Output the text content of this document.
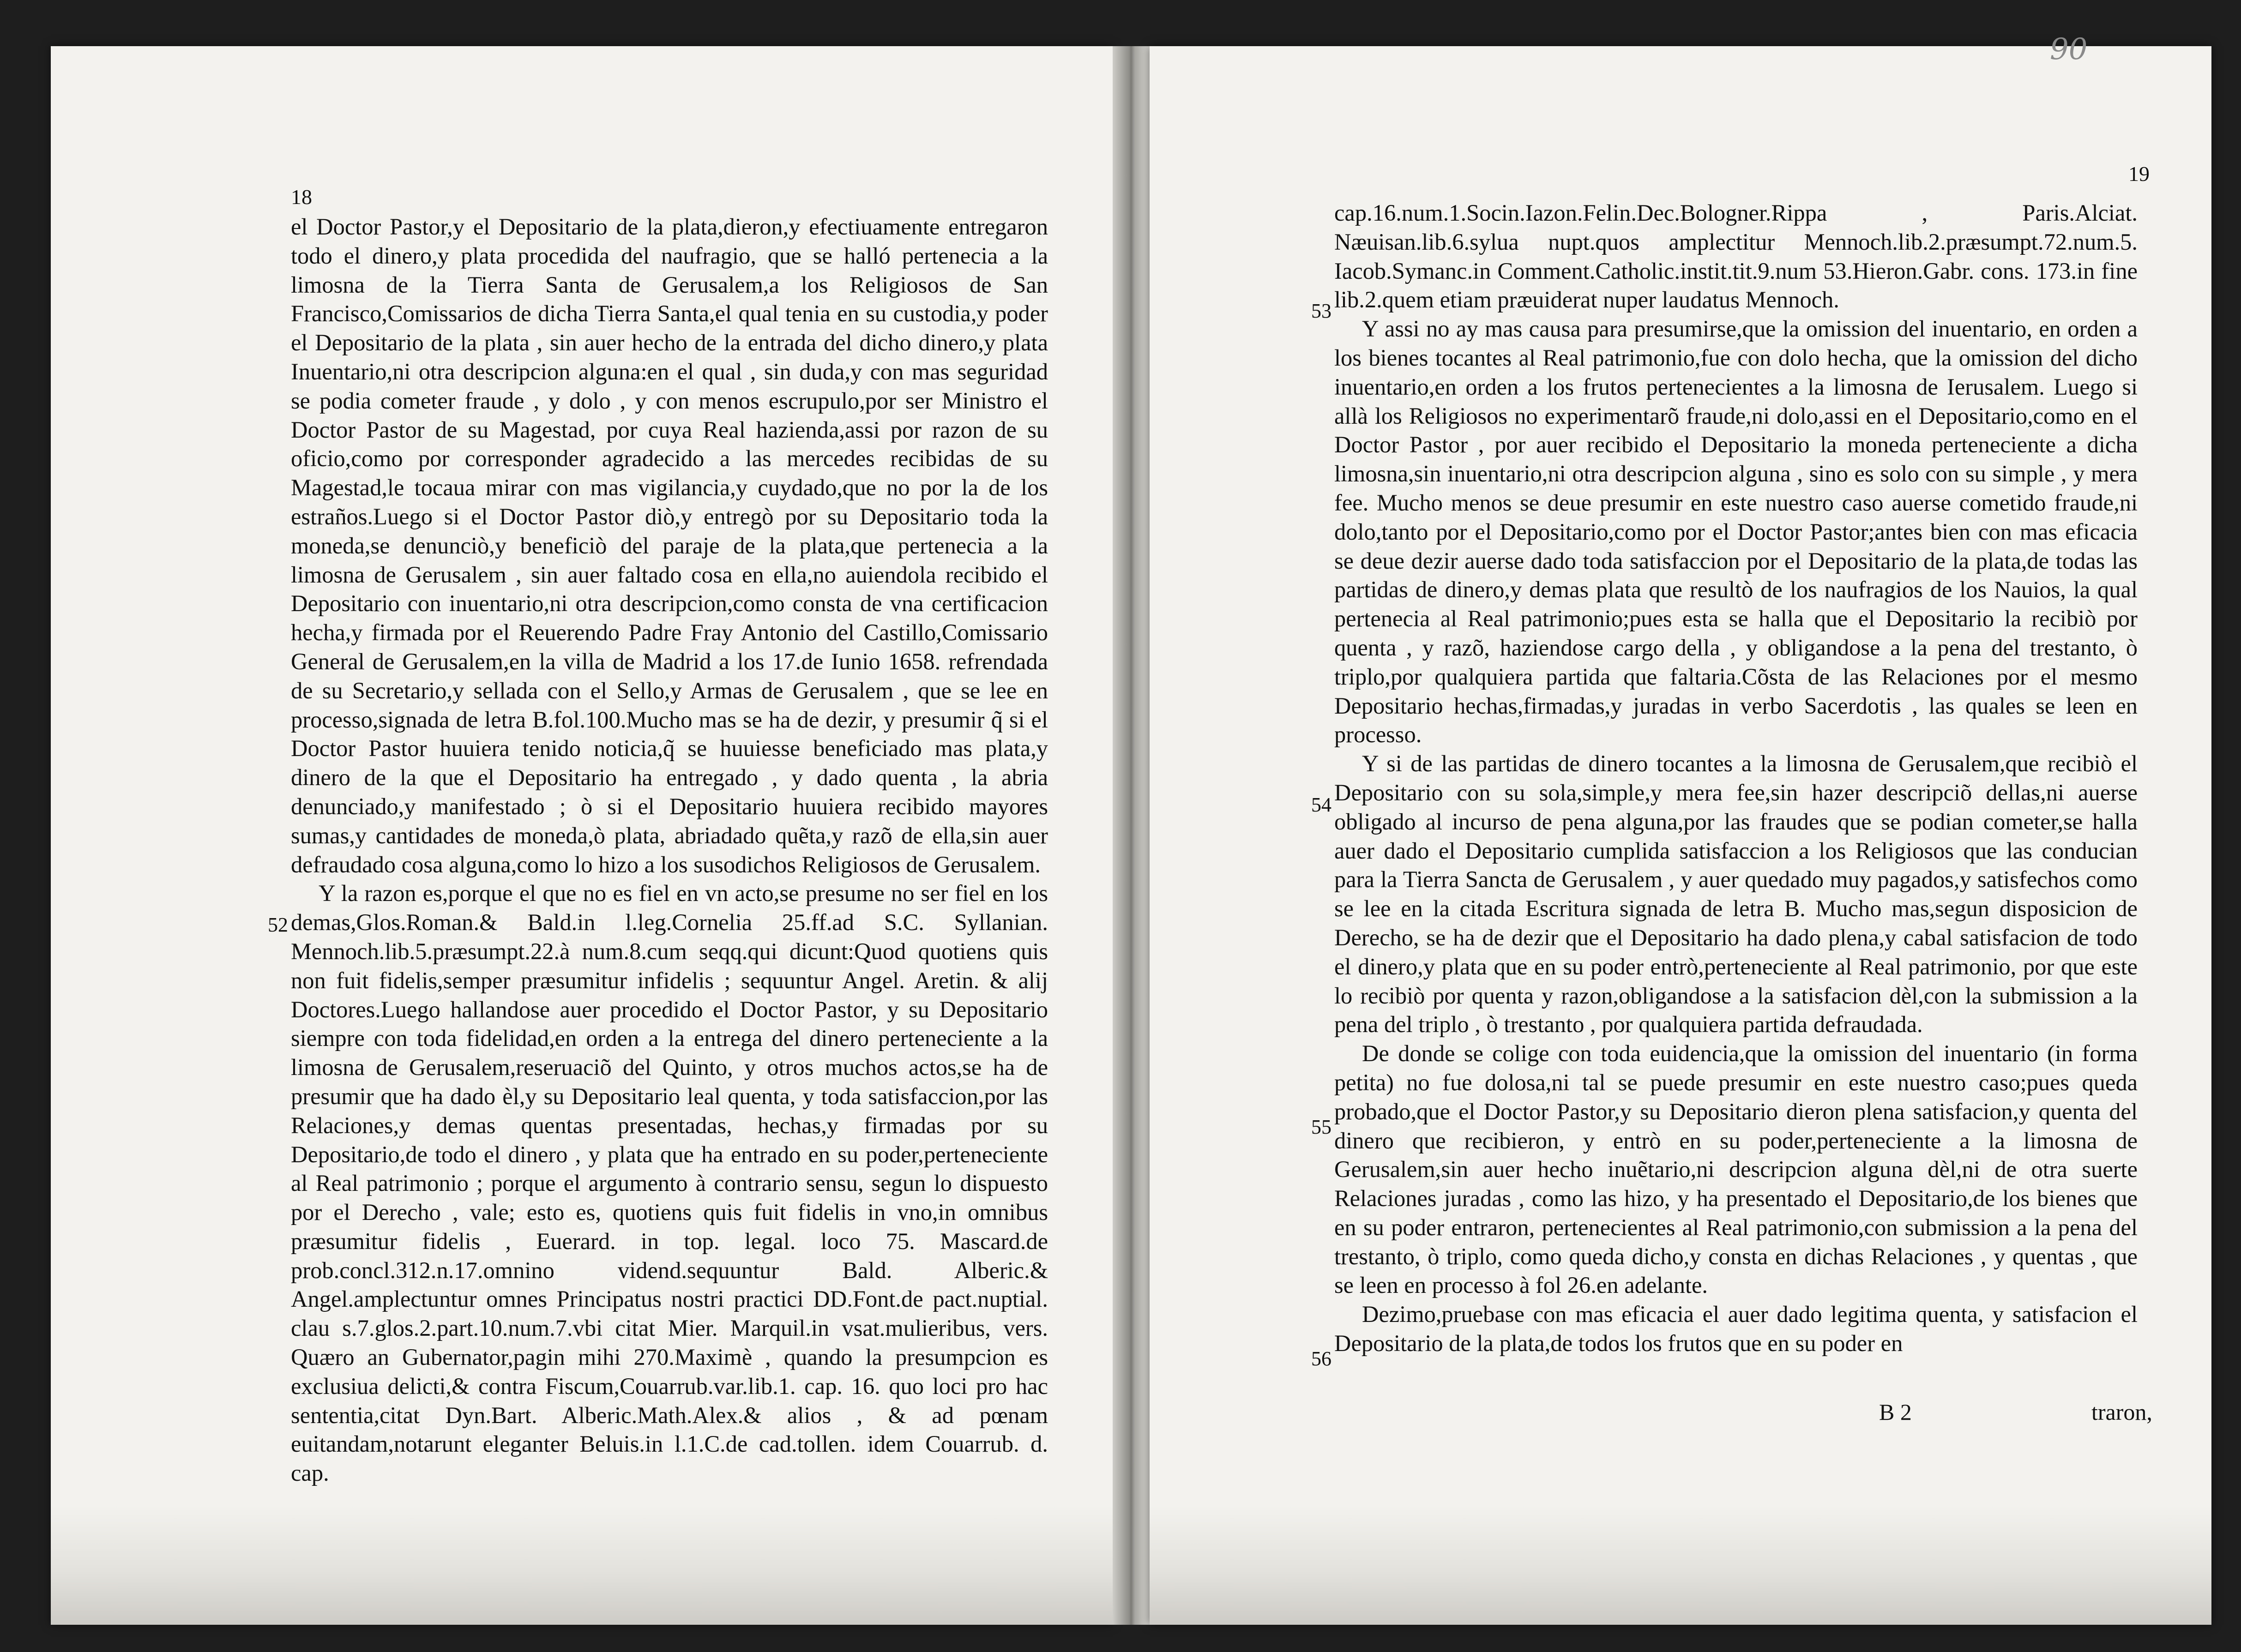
18
52

el Doctor Pastor,y el Depositario de la plata,dieron,y efectiuamente entregaron todo el dinero,y plata procedida del naufragio, que se halló pertenecia a la limosna de la Tierra Santa de Gerusalem,a los Religiosos de San Francisco,Comissarios de dicha Tierra Santa,el qual tenia en su custodia,y poder el Depositario de la plata , sin auer hecho de la entrada del dicho dinero,y plata Inuentario,ni otra descripcion alguna:en el qual , sin duda,y con mas seguridad se podia cometer fraude , y dolo , y con menos escrupulo,por ser Ministro el Doctor Pastor de su Magestad, por cuya Real hazienda,assi por razon de su oficio,como por corresponder agradecido a las mercedes recibidas de su Magestad,le tocaua mirar con mas vigilancia,y cuydado,que no por la de los estraños.Luego si el Doctor Pastor diò,y entregò por su Depositario toda la moneda,se denunciò,y beneficiò del paraje de la plata,que pertenecia a la limosna de Gerusalem , sin auer faltado cosa en ella,no auiendola recibido el Depositario con inuentario,ni otra descripcion,como consta de vna certificacion hecha,y firmada por el Reuerendo Padre Fray Antonio del Castillo,Comissario General de Gerusalem,en la villa de Madrid a los 17.de Iunio 1658. refrendada de su Secretario,y sellada con el Sello,y Armas de Gerusalem , que se lee en processo,signada de letra B.fol.100.Mucho mas se ha de dezir, y presumir q̃ si el Doctor Pastor huuiera tenido noticia,q̃ se huuiesse beneficiado mas plata,y dinero de la que el Depositario ha entregado , y dado quenta , la abria denunciado,y manifestado ; ò si el Depositario huuiera recibido mayores sumas,y cantidades de moneda,ò plata, abriadado quẽta,y razõ de ella,sin auer defraudado cosa alguna,como lo hizo a los susodichos Religiosos de Gerusalem.

Y la razon es,porque el que no es fiel en vn acto,se presume no ser fiel en los demas,Glos.Roman.& Bald.in l.leg.Cornelia 25.ff.ad S.C. Syllanian. Mennoch.lib.5.præsumpt.22.à num.8.cum seqq.qui dicunt:Quod quotiens quis non fuit fidelis,semper præsumitur infidelis ; sequuntur Angel. Aretin. & alij Doctores.Luego hallandose auer procedido el Doctor Pastor, y su Depositario siempre con toda fidelidad,en orden a la entrega del dinero perteneciente a la limosna de Gerusalem,reseruaciõ del Quinto, y otros muchos actos,se ha de presumir que ha dado èl,y su Depositario leal quenta, y toda satisfaccion,por las Relaciones,y demas quentas presentadas, hechas,y firmadas por su Depositario,de todo el dinero , y plata que ha entrado en su poder,perteneciente al Real patrimonio ; porque el argumento à contrario sensu, segun lo dispuesto por el Derecho , vale; esto es, quotiens quis fuit fidelis in vno,in omnibus præsumitur fidelis , Euerard. in top. legal. loco 75. Mascard.de prob.concl.312.n.17.omnino vidend.sequuntur Bald. Alberic.& Angel.amplectuntur omnes Principatus nostri practici DD.Font.de pact.nuptial. clau s.7.glos.2.part.10.num.7.vbi citat Mier. Marquil.in vsat.mulieribus, vers. Quæro an Gubernator,pagin mihi 270.Maximè , quando la presumpcion es exclusiua delicti,& contra Fiscum,Couarrub.var.lib.1. cap. 16. quo loci pro hac sententia,citat Dyn.Bart. Alberic.Math.Alex.& alios , & ad pœnam euitandam,notarunt eleganter Beluis.in l.1.C.de cad.tollen. idem Couarrub. d. cap.

19
53
54
55
56

cap.16.num.1.Socin.Iazon.Felin.Dec.Bologner.Rippa , Paris.Alciat. Næuisan.lib.6.sylua nupt.quos amplectitur Mennoch.lib.2.præsumpt.72.num.5. Iacob.Symanc.in Comment.Catholic.instit.tit.9.num 53.Hieron.Gabr. cons. 173.in fine lib.2.quem etiam præuiderat nuper laudatus Mennoch.

Y assi no ay mas causa para presumirse,que la omission del inuentario, en orden a los bienes tocantes al Real patrimonio,fue con dolo hecha, que la omission del dicho inuentario,en orden a los frutos pertenecientes a la limosna de Ierusalem. Luego si allà los Religiosos no experimentarõ fraude,ni dolo,assi en el Depositario,como en el Doctor Pastor , por auer recibido el Depositario la moneda perteneciente a dicha limosna,sin inuentario,ni otra descripcion alguna , sino es solo con su simple , y mera fee. Mucho menos se deue presumir en este nuestro caso auerse cometido fraude,ni dolo,tanto por el Depositario,como por el Doctor Pastor;antes bien con mas eficacia se deue dezir auerse dado toda satisfaccion por el Depositario de la plata,de todas las partidas de dinero,y demas plata que resultò de los naufragios de los Nauios, la qual pertenecia al Real patrimonio;pues esta se halla que el Depositario la recibiò por quenta , y razõ, haziendose cargo della , y obligandose a la pena del trestanto, ò triplo,por qualquiera partida que faltaria.Cõsta de las Relaciones por el mesmo Depositario hechas,firmadas,y juradas in verbo Sacerdotis , las quales se leen en processo.

Y si de las partidas de dinero tocantes a la limosna de Gerusalem,que recibiò el Depositario con su sola,simple,y mera fee,sin hazer descripciõ dellas,ni auerse obligado al incurso de pena alguna,por las fraudes que se podian cometer,se halla auer dado el Depositario cumplida satisfaccion a los Religiosos que las conducian para la Tierra Sancta de Gerusalem , y auer quedado muy pagados,y satisfechos como se lee en la citada Escritura signada de letra B. Mucho mas,segun disposicion de Derecho, se ha de dezir que el Depositario ha dado plena,y cabal satisfacion de todo el dinero,y plata que en su poder entrò,perteneciente al Real patrimonio, por que este lo recibiò por quenta y razon,obligandose a la satisfacion dèl,con la submission a la pena del triplo , ò trestanto , por qualquiera partida defraudada.

De donde se colige con toda euidencia,que la omission del inuentario (in forma petita) no fue dolosa,ni tal se puede presumir en este nuestro caso;pues queda probado,que el Doctor Pastor,y su Depositario dieron plena satisfacion,y quenta del dinero que recibieron, y entrò en su poder,perteneciente a la limosna de Gerusalem,sin auer hecho inuẽtario,ni descripcion alguna dèl,ni de otra suerte Relaciones juradas , como las hizo, y ha presentado el Depositario,de los bienes que en su poder entraron, pertenecientes al Real patrimonio,con submission a la pena del trestanto, ò triplo, como queda dicho,y consta en dichas Relaciones , y quentas , que se leen en processo à fol 26.en adelante.

Dezimo,pruebase con mas eficacia el auer dado legitima quenta, y satisfacion el Depositario de la plata,de todos los frutos que en su poder en

B 2	traron,
90
